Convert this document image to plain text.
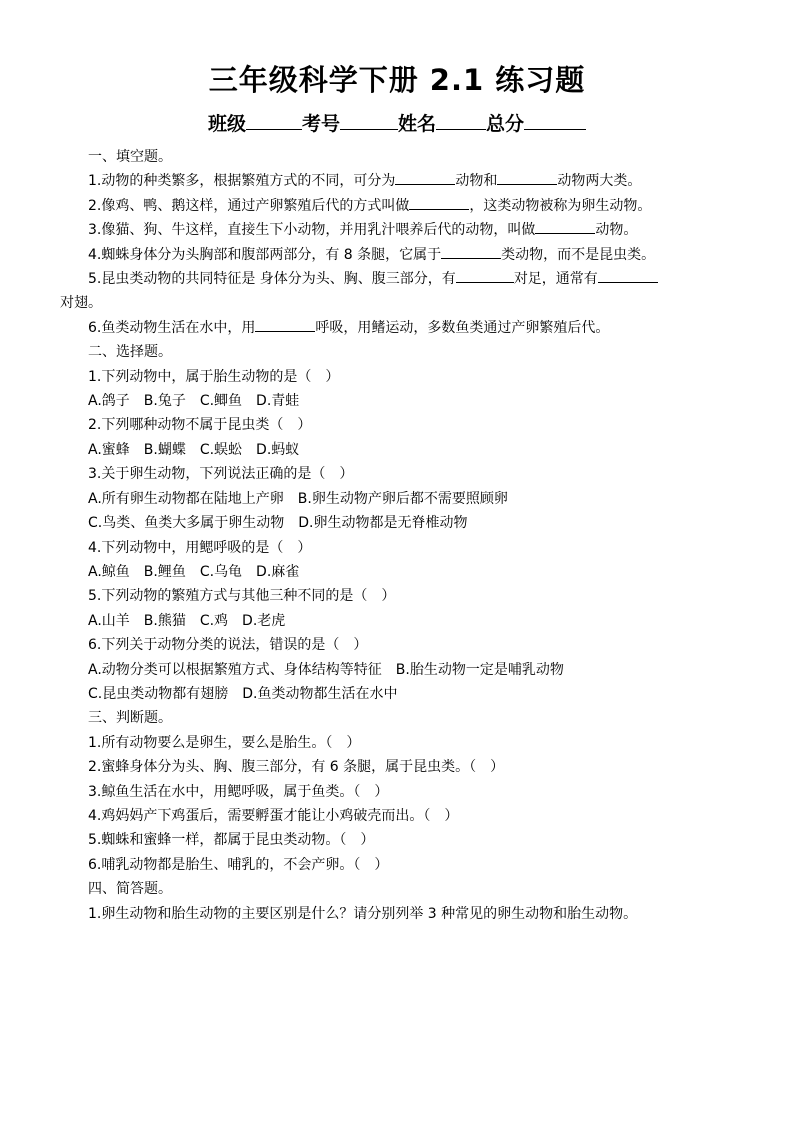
三年级科学下册 2.1 练习题
班级	考号	姓名	总分

一、填空题。

1.动物的种类繁多，根据繁殖方式的不同，可分为	动物和	动物两大类。

2.像鸡、鸭、鹅这样，通过产卵繁殖后代的方式叫做	，这类动物被称为卵生动物。

3.像猫、狗、牛这样，直接生下小动物，并用乳汁喂养后代的动物，叫做	动物。

4.蜘蛛身体分为头胸部和腹部两部分，有 8 条腿，它属于	类动物，而不是昆虫类。

5.昆虫类动物的共同特征是 身体分为头、胸、腹三部分，有	对足，通常有

对翅。

6.鱼类动物生活在水中，用	呼吸，用鳍运动，多数鱼类通过产卵繁殖后代。

二、选择题。

1.下列动物中，属于胎生动物的是（　）

A.鸽子　B.兔子　C.鲫鱼　D.青蛙

2.下列哪种动物不属于昆虫类（　）

A.蜜蜂　B.蝴蝶　C.蜈蚣　D.蚂蚁

3.关于卵生动物，下列说法正确的是（　）

A.所有卵生动物都在陆地上产卵　B.卵生动物产卵后都不需要照顾卵

C.鸟类、鱼类大多属于卵生动物　D.卵生动物都是无脊椎动物

4.下列动物中，用鳃呼吸的是（　）

A.鲸鱼　B.鲤鱼　C.乌龟　D.麻雀

5.下列动物的繁殖方式与其他三种不同的是（　）

A.山羊　B.熊猫　C.鸡　D.老虎

6.下列关于动物分类的说法，错误的是（　）

A.动物分类可以根据繁殖方式、身体结构等特征　B.胎生动物一定是哺乳动物

C.昆虫类动物都有翅膀　D.鱼类动物都生活在水中

三、判断题。

1.所有动物要么是卵生，要么是胎生。（　）

2.蜜蜂身体分为头、胸、腹三部分，有 6 条腿，属于昆虫类。（　）

3.鲸鱼生活在水中，用鳃呼吸，属于鱼类。（　）

4.鸡妈妈产下鸡蛋后，需要孵蛋才能让小鸡破壳而出。（　）

5.蜘蛛和蜜蜂一样，都属于昆虫类动物。（　）

6.哺乳动物都是胎生、哺乳的，不会产卵。（　）

四、简答题。

1.卵生动物和胎生动物的主要区别是什么？请分别列举 3 种常见的卵生动物和胎生动物。
